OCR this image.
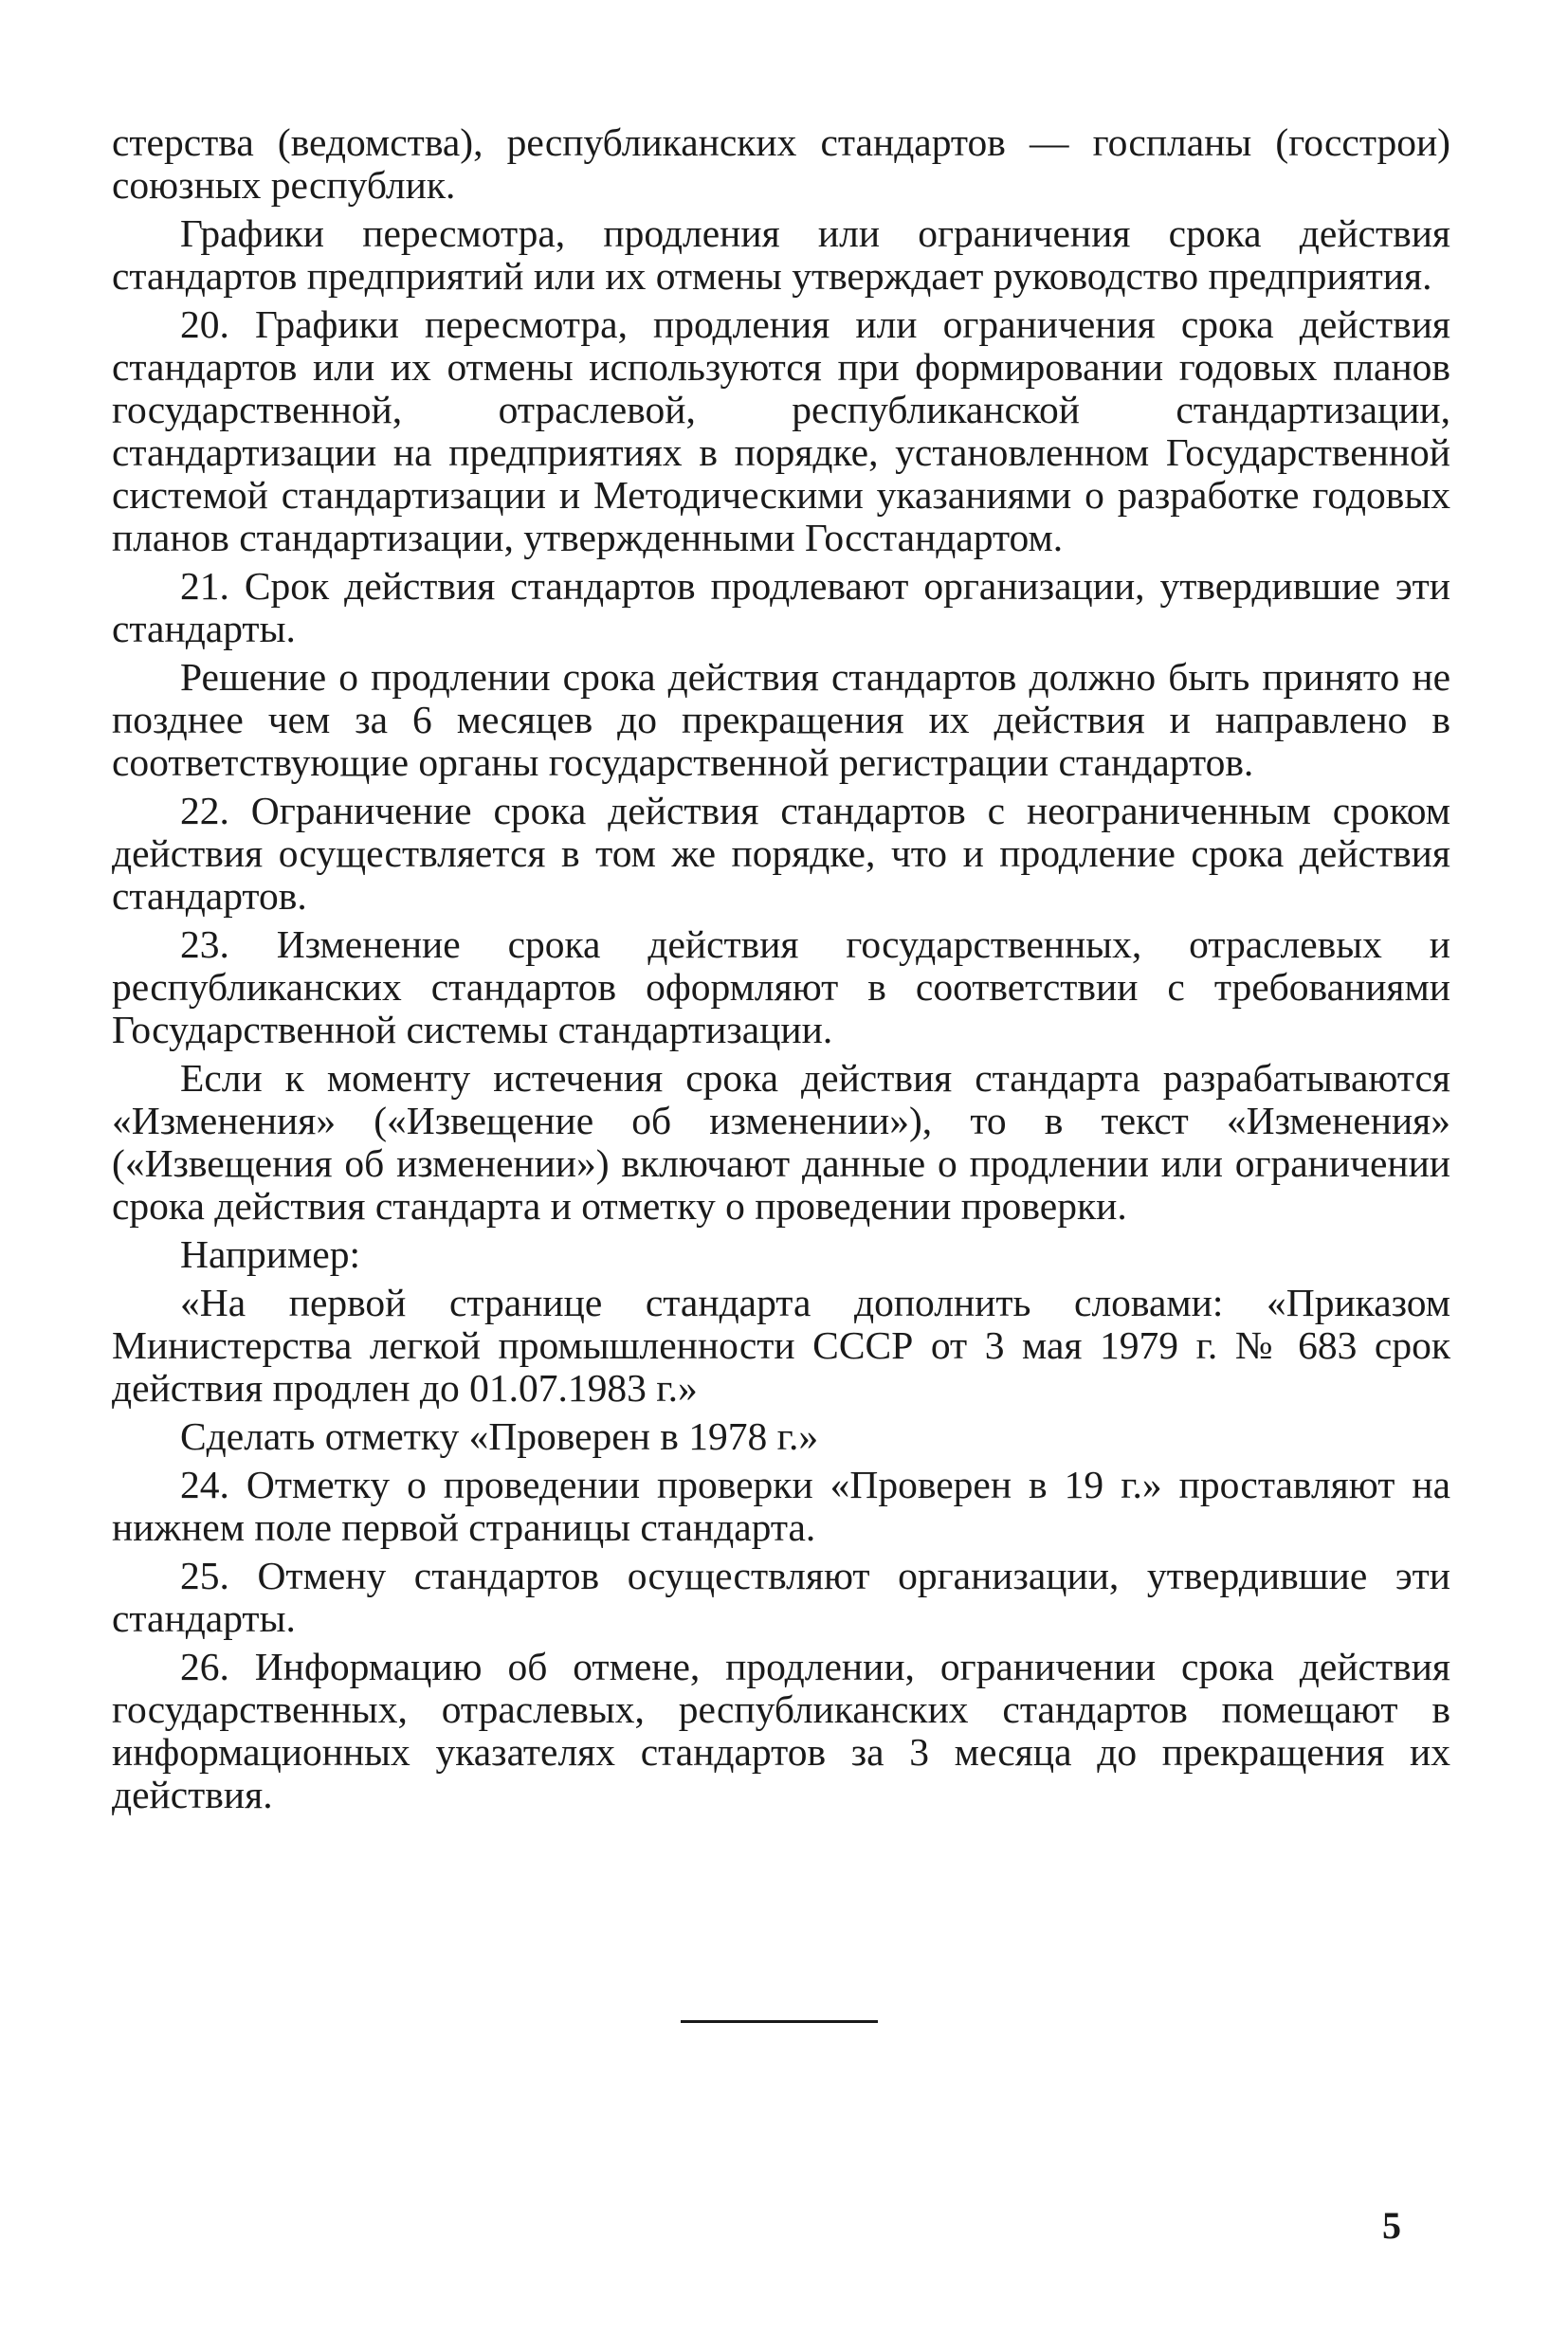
стерства (ведомства), республиканских стандартов — госпланы (госстрои) союзных республик.

Графики пересмотра, продления или ограничения срока действия стандартов предприятий или их отмены утверждает руководство предприятия.

20. Графики пересмотра, продления или ограничения срока действия стандартов или их отмены используются при формировании годовых планов государственной, отраслевой, республиканской стандартизации, стандартизации на предприятиях в порядке, установленном Государственной системой стандартизации и Методическими указаниями о разработке годовых планов стандартизации, утвержденными Госстандартом.

21. Срок действия стандартов продлевают организации, утвердившие эти стандарты.

Решение о продлении срока действия стандартов должно быть принято не позднее чем за 6 месяцев до прекращения их действия и направлено в соответствующие органы государственной регистрации стандартов.

22. Ограничение срока действия стандартов с неограниченным сроком действия осуществляется в том же порядке, что и продление срока действия стандартов.

23. Изменение срока действия государственных, отраслевых и республиканских стандартов оформляют в соответствии с требованиями Государственной системы стандартизации.

Если к моменту истечения срока действия стандарта разрабатываются «Изменения» («Извещение об изменении»), то в текст «Изменения» («Извещения об изменении») включают данные о продлении или ограничении срока действия стандарта и отметку о проведении проверки.

Например:

«На первой странице стандарта дополнить словами: «Приказом Министерства легкой промышленности СССР от 3 мая 1979 г. № 683 срок действия продлен до 01.07.1983 г.»

Сделать отметку «Проверен в 1978 г.»

24. Отметку о проведении проверки «Проверен в 19 г.» проставляют на нижнем поле первой страницы стандарта.

25. Отмену стандартов осуществляют организации, утвердившие эти стандарты.

26. Информацию об отмене, продлении, ограничении срока действия государственных, отраслевых, республиканских стандартов помещают в информационных указателях стандартов за 3 месяца до прекращения их действия.

5
